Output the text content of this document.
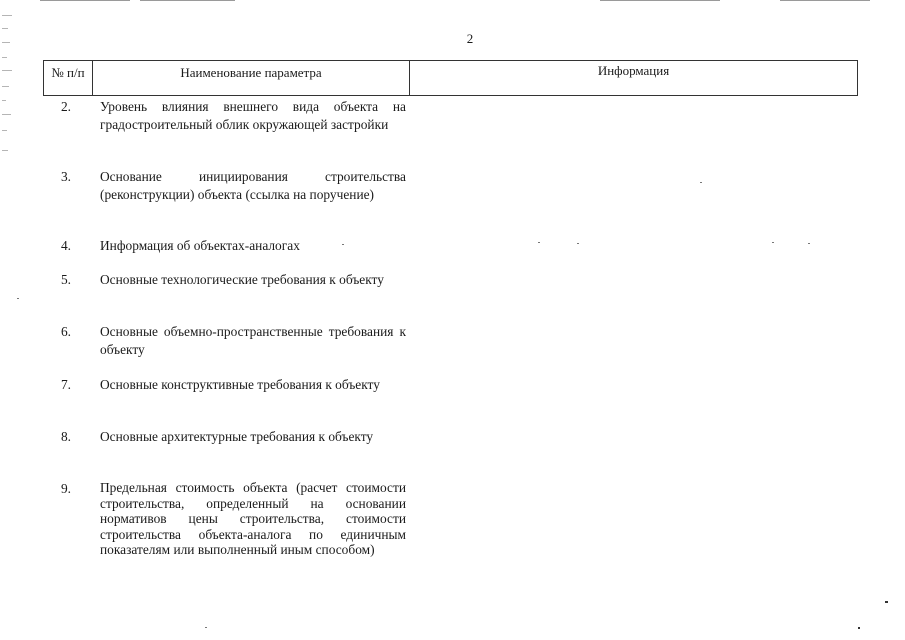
2
№ п/п	Наименование параметра	Информация
2.	Уровень влияния внешнего вида объекта на градостроительный облик окружающей застройки
3.	Основание инициирования строительства (реконструкции) объекта (ссылка на поручение)
4.	Информация об объектах-аналогах
5.	Основные технологические требования к объекту
6.	Основные объемно-пространственные требования к объекту
7.	Основные конструктивные требования к объекту
8.	Основные архитектурные требования к объекту
9.	Предельная стоимость объекта (расчет стоимости строительства, определенный на основании нормативов цены строительства, стоимости строительства объекта-аналога по единичным показателям или выполненный иным способом)
